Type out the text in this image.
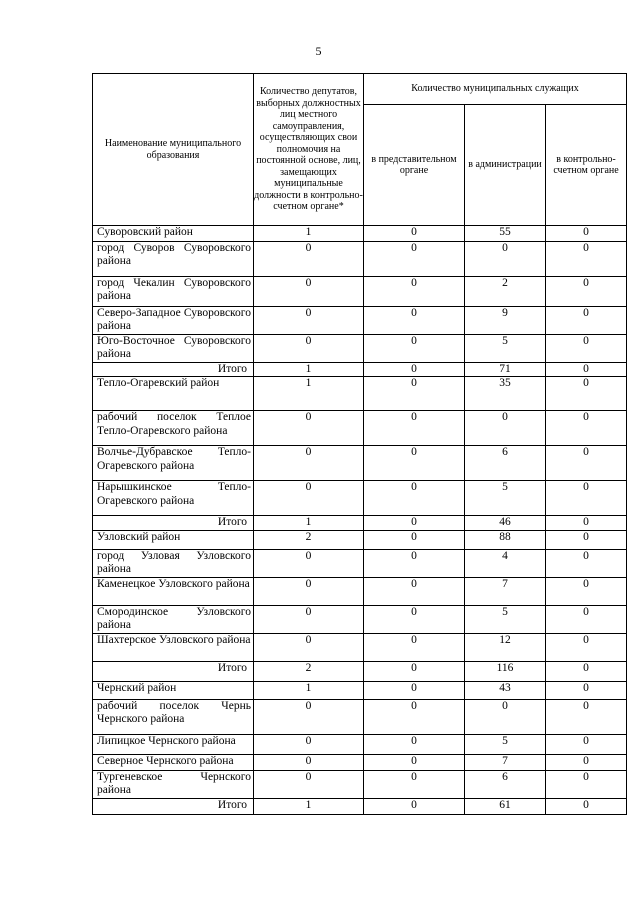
5
Наименование муниципального образования	Количество депутатов, выборных должностных лиц местного самоуправления, осуществляющих свои полномочия на постоянной основе, лиц, замещающих муниципальные должности в контрольно-счетном органе*	Количество муниципальных служащих		
		в представительном органе	в администрации	в контрольно-счетном органе
Суворовский район	1	0	55	0
город Суворов Суворовского района	0	0	0	0
город Чекалин Суворовского района	0	0	2	0
Северо-Западное Суворовского района	0	0	9	0
Юго-Восточное Суворовского района	0	0	5	0
Итого	1	0	71	0
Тепло-Огаревский район	1	0	35	0
рабочий поселок Теплое Тепло-Огаревского района	0	0	0	0
Волчье-Дубравское Тепло-Огаревского района	0	0	6	0
Нарышкинское Тепло-Огаревского района	0	0	5	0
Итого	1	0	46	0
Узловский район	2	0	88	0
город Узловая Узловского района	0	0	4	0
Каменецкое Узловского района	0	0	7	0
Смородинское Узловского района	0	0	5	0
Шахтерское Узловского района	0	0	12	0
Итого	2	0	116	0
Чернский район	1	0	43	0
рабочий поселок Чернь Чернского района	0	0	0	0
Липицкое Чернского района	0	0	5	0
Северное Чернского района	0	0	7	0
Тургеневское Чернского района	0	0	6	0
Итого	1	0	61	0
